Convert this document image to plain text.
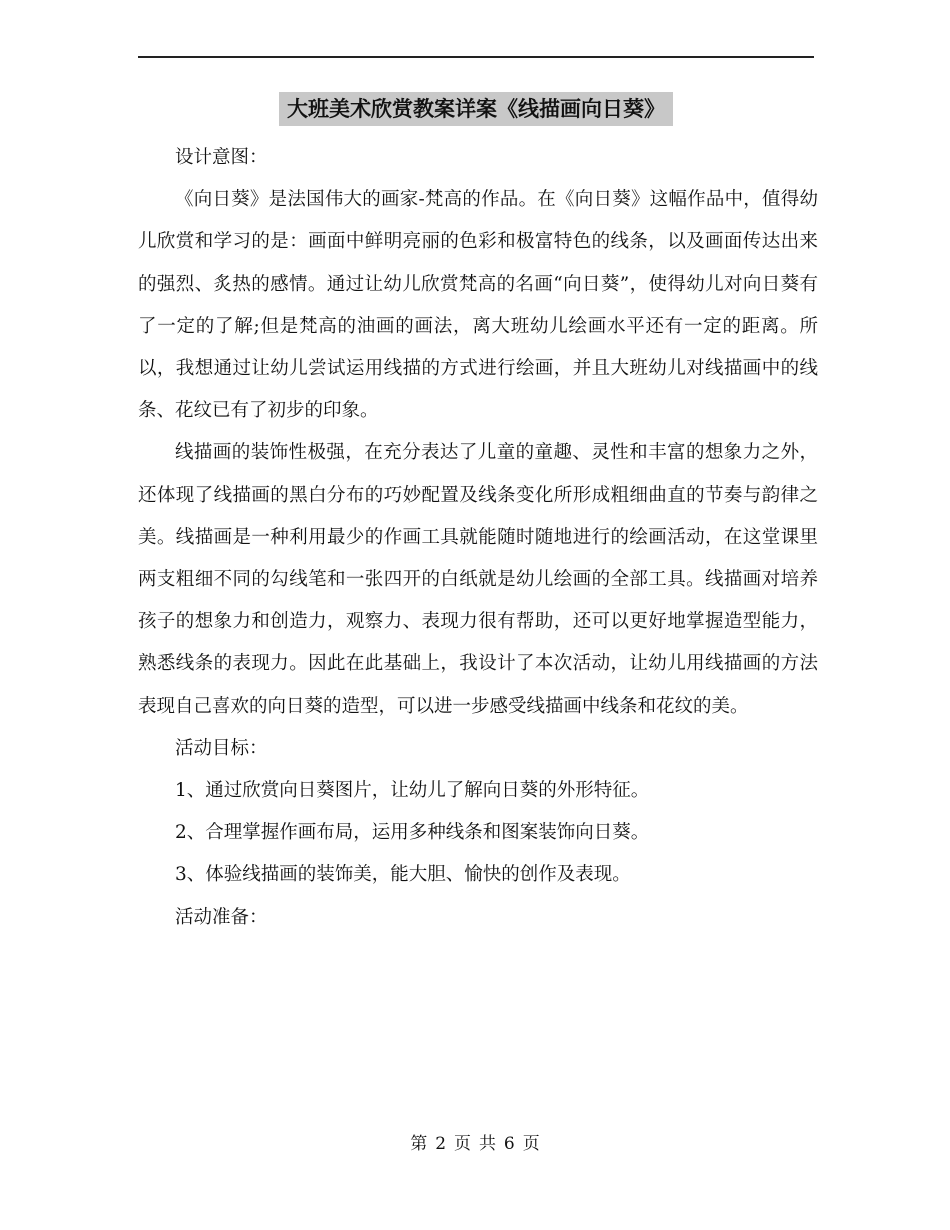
大班美术欣赏教案详案《线描画向日葵》

设计意图：

《向日葵》是法国伟大的画家-梵高的作品。在《向日葵》这幅作品中，值得幼儿欣赏和学习的是：画面中鲜明亮丽的色彩和极富特色的线条，以及画面传达出来的强烈、炙热的感情。通过让幼儿欣赏梵高的名画“向日葵”，使得幼儿对向日葵有了一定的了解;但是梵高的油画的画法，离大班幼儿绘画水平还有一定的距离。所以，我想通过让幼儿尝试运用线描的方式进行绘画，并且大班幼儿对线描画中的线条、花纹已有了初步的印象。

线描画的装饰性极强，在充分表达了儿童的童趣、灵性和丰富的想象力之外，还体现了线描画的黑白分布的巧妙配置及线条变化所形成粗细曲直的节奏与韵律之美。线描画是一种利用最少的作画工具就能随时随地进行的绘画活动，在这堂课里两支粗细不同的勾线笔和一张四开的白纸就是幼儿绘画的全部工具。线描画对培养孩子的想象力和创造力，观察力、表现力很有帮助，还可以更好地掌握造型能力，熟悉线条的表现力。因此在此基础上，我设计了本次活动，让幼儿用线描画的方法表现自己喜欢的向日葵的造型，可以进一步感受线描画中线条和花纹的美。

活动目标：

1、通过欣赏向日葵图片，让幼儿了解向日葵的外形特征。

2、合理掌握作画布局，运用多种线条和图案装饰向日葵。

3、体验线描画的装饰美，能大胆、愉快的创作及表现。

活动准备：

第 2 页 共 6 页
